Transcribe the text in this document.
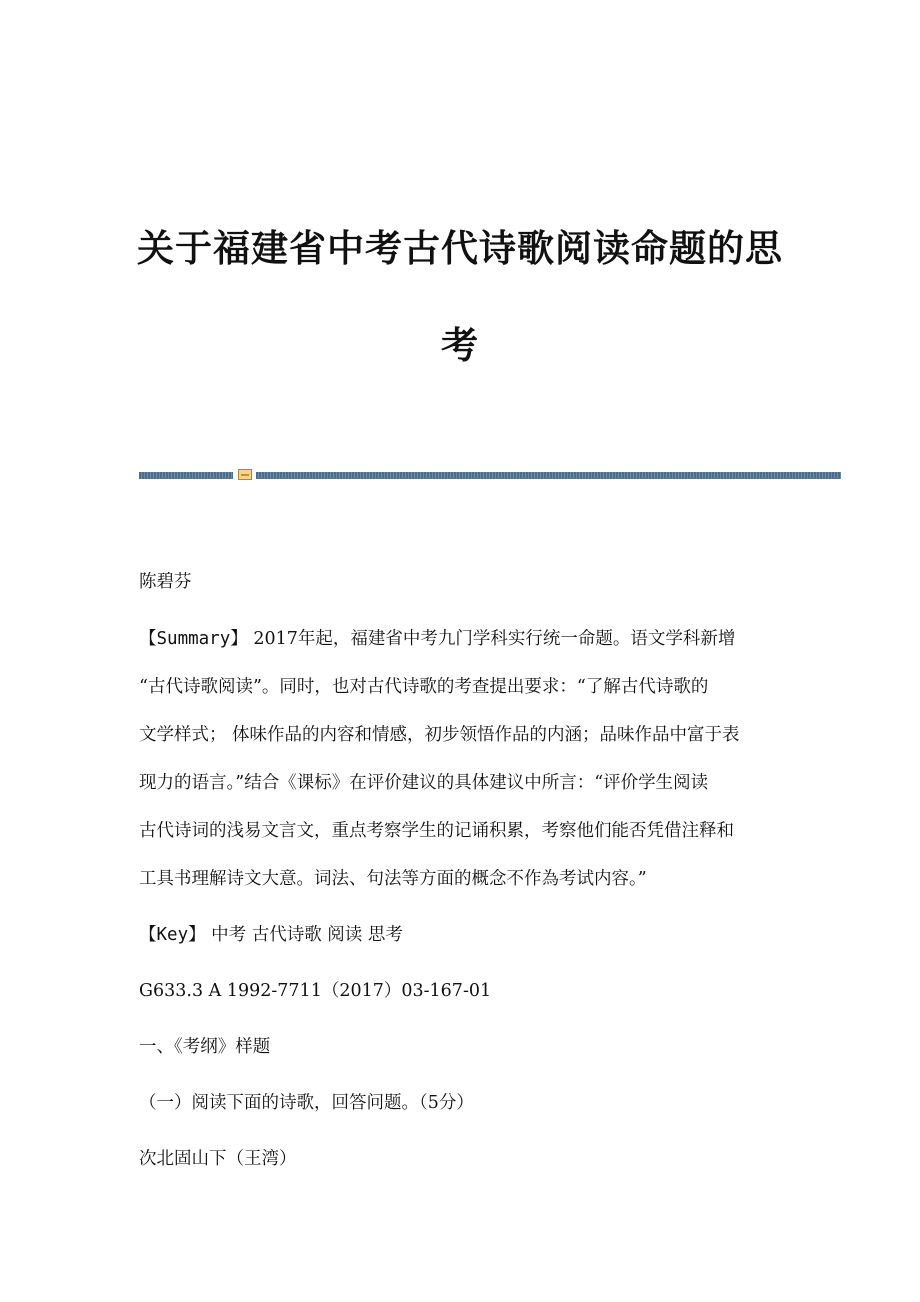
关于福建省中考古代诗歌阅读命题的思
考

陈碧芬

【Summary】 2017年起，福建省中考九门学科实行统一命题。语文学科新增

“古代诗歌阅读”。同时，也对古代诗歌的考查提出要求：“了解古代诗歌的

文学样式； 体味作品的内容和情感，初步领悟作品的内涵；品味作品中富于表

现力的语言。”结合《课标》在评价建议的具体建议中所言：“评价学生阅读

古代诗词的浅易文言文，重点考察学生的记诵积累，考察他们能否凭借注释和

工具书理解诗文大意。词法、句法等方面的概念不作為考试内容。”

【Key】 中考 古代诗歌 阅读 思考

G633.3 A 1992-7711（2017）03-167-01

一、《考纲》样题

（一）阅读下面的诗歌，回答问题。（5分）

次北固山下（王湾）
